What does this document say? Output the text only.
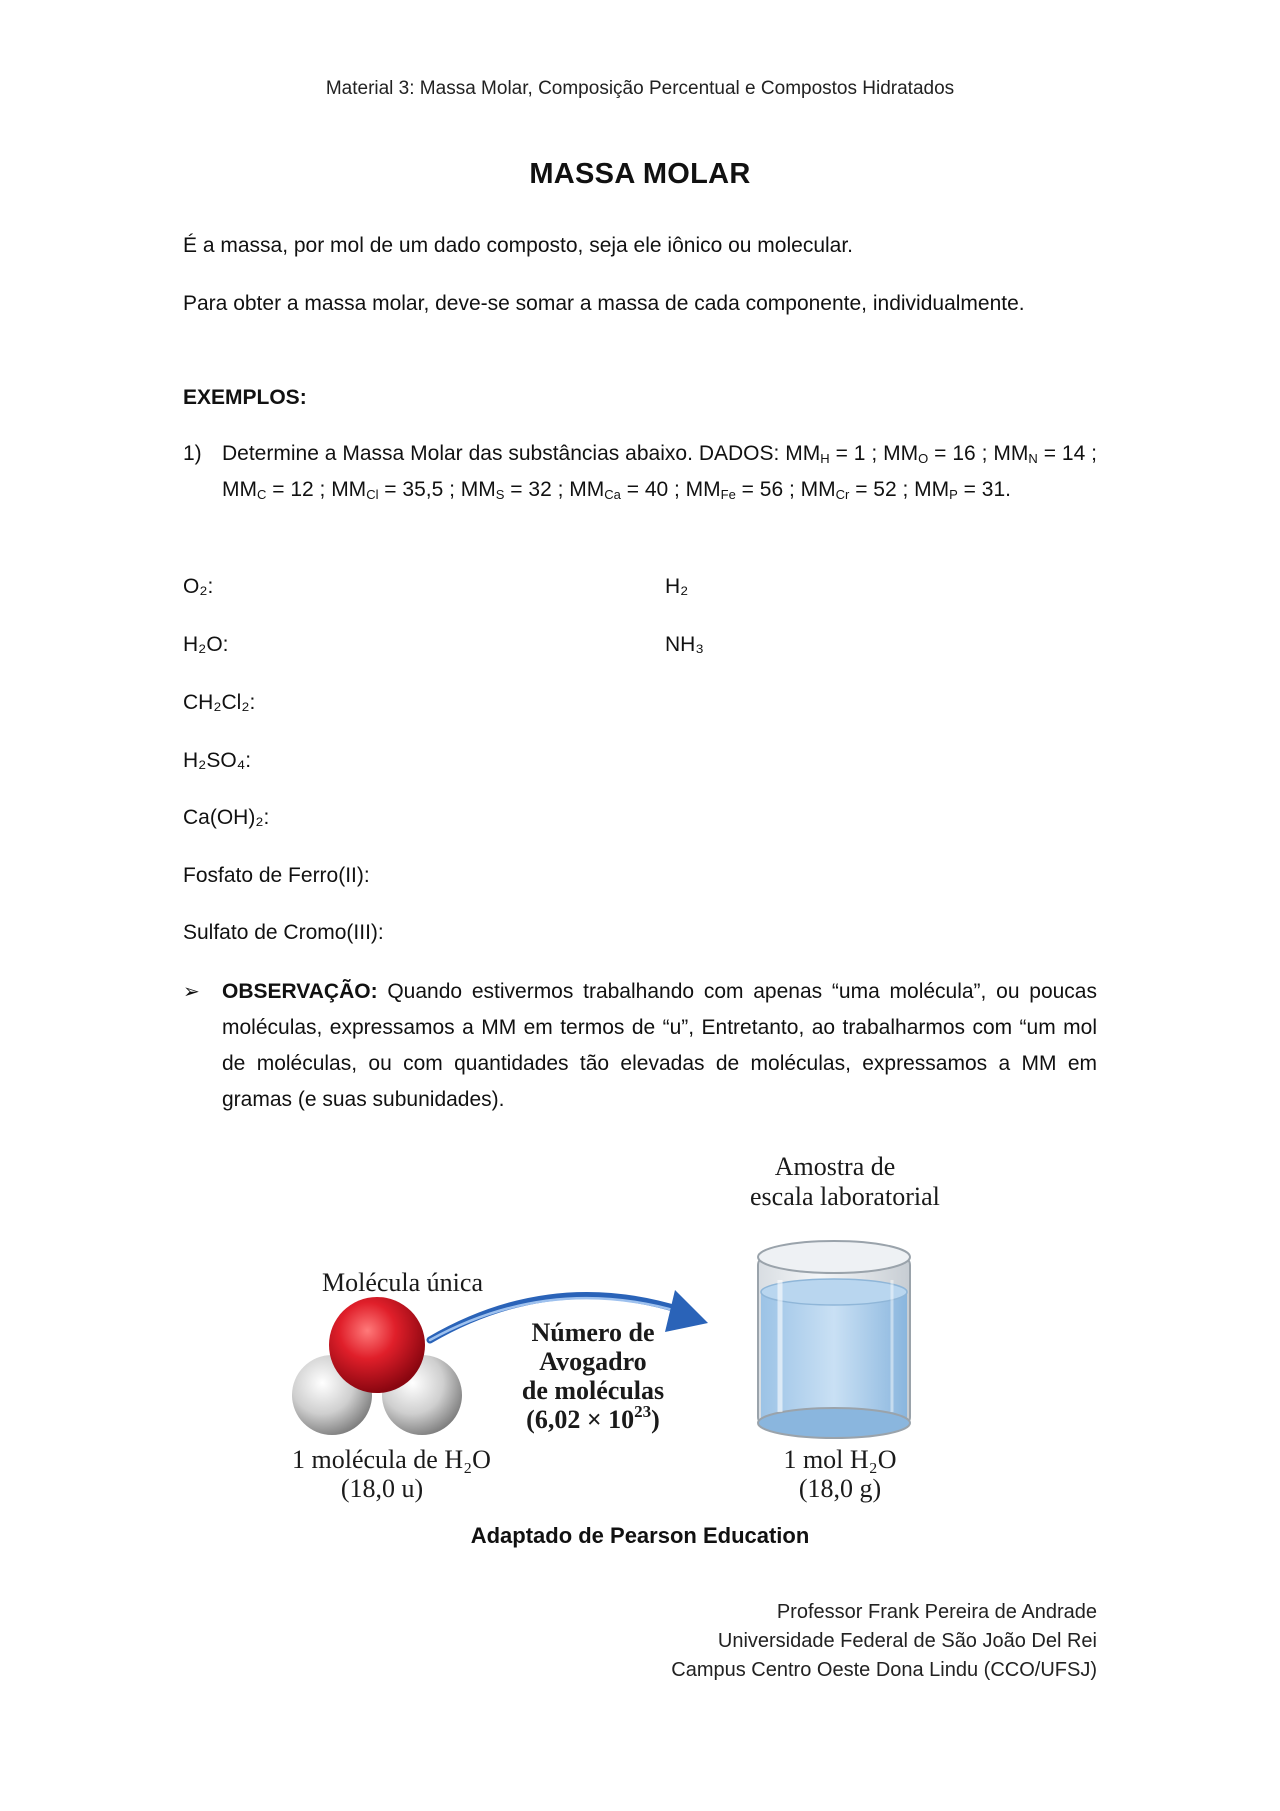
Material 3: Massa Molar, Composição Percentual e Compostos Hidratados
MASSA MOLAR
É a massa, por mol de um dado composto, seja ele iônico ou molecular.
Para obter a massa molar, deve-se somar a massa de cada componente, individualmente.
EXEMPLOS:
1) Determine a Massa Molar das substâncias abaixo. DADOS: $MM_H = 1$ ; $MM_O = 16$ ; $MM_N = 14$ ; $MM_C = 12$ ; $MM_{Cl} = 35,5$ ; $MM_S = 32$ ; $MM_{Ca} = 40$ ; $MM_{Fe} = 56$ ; $MM_{Cr} = 52$ ; $MM_P = 31$.
O₂:	H₂
H₂O:	NH₃
CH₂Cl₂:
H₂SO₄:
Ca(OH)₂:
Fosfato de Ferro(II):
Sulfato de Cromo(III):
➢ OBSERVAÇÃO: Quando estivermos trabalhando com apenas “uma molécula”, ou poucas moléculas, expressamos a MM em termos de “u”, Entretanto, ao trabalharmos com “um mol de moléculas, ou com quantidades tão elevadas de moléculas, expressamos a MM em gramas (e suas subunidades).
Amostra de
escala laboratorial
Molécula única
Número de
Avogadro
de moléculas
$(6,02 \times 10^{23})$
1 molécula de H₂O
(18,0 u)
1 mol H₂O
(18,0 g)
Adaptado de Pearson Education
Professor Frank Pereira de Andrade
Universidade Federal de São João Del Rei
Campus Centro Oeste Dona Lindu (CCO/UFSJ)
